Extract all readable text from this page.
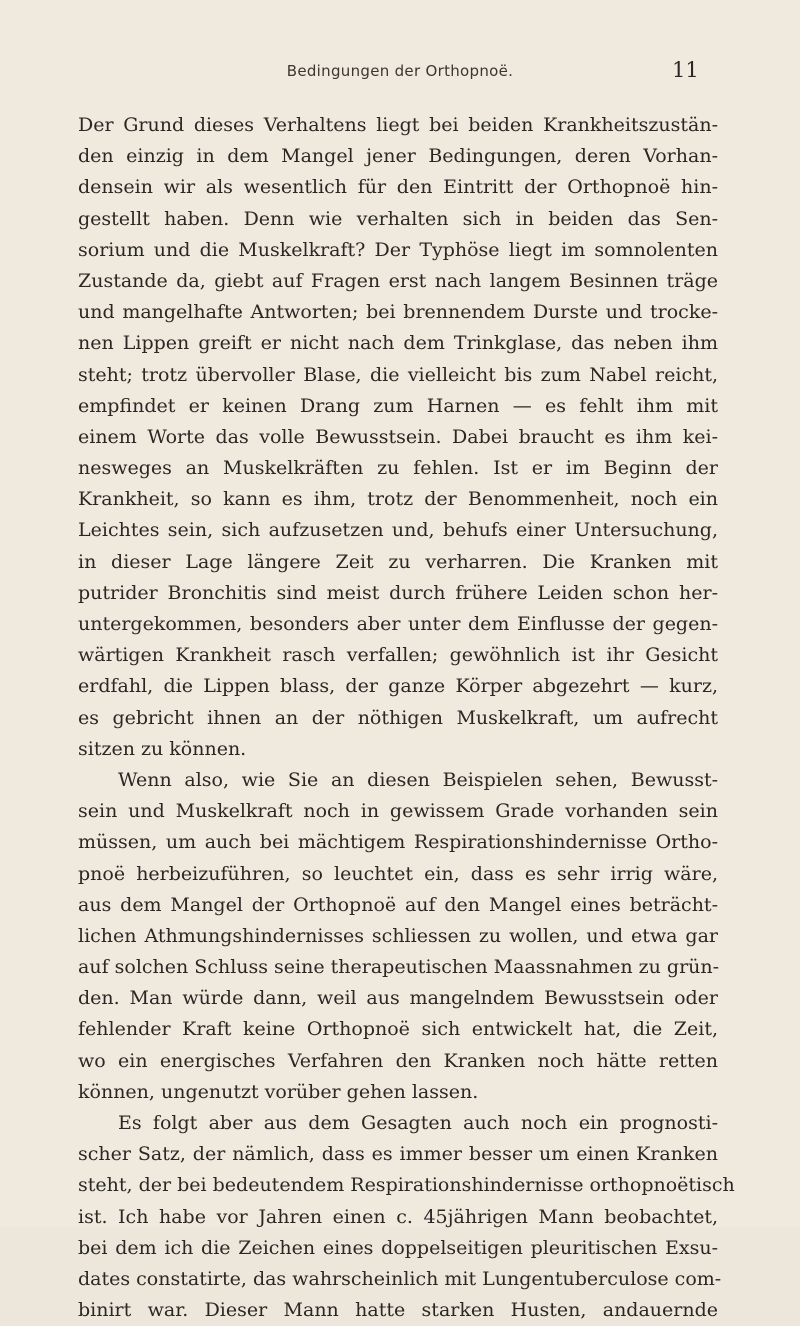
Bedingungen der Orthopnoë.	11
Der Grund dieses Verhaltens liegt bei beiden Krankheitszustän-
den einzig in dem Mangel jener Bedingungen, deren Vorhan-
densein wir als wesentlich für den Eintritt der Orthopnoë hin-
gestellt haben. Denn wie verhalten sich in beiden das Sen-
sorium und die Muskelkraft? Der Typhöse liegt im somnolenten
Zustande da, giebt auf Fragen erst nach langem Besinnen träge
und mangelhafte Antworten; bei brennendem Durste und trocke-
nen Lippen greift er nicht nach dem Trinkglase, das neben ihm
steht; trotz übervoller Blase, die vielleicht bis zum Nabel reicht,
empfindet er keinen Drang zum Harnen — es fehlt ihm mit
einem Worte das volle Bewusstsein. Dabei braucht es ihm kei-
nesweges an Muskelkräften zu fehlen. Ist er im Beginn der
Krankheit, so kann es ihm, trotz der Benommenheit, noch ein
Leichtes sein, sich aufzusetzen und, behufs einer Untersuchung,
in dieser Lage längere Zeit zu verharren. Die Kranken mit
putrider Bronchitis sind meist durch frühere Leiden schon her-
untergekommen, besonders aber unter dem Einflusse der gegen-
wärtigen Krankheit rasch verfallen; gewöhnlich ist ihr Gesicht
erdfahl, die Lippen blass, der ganze Körper abgezehrt — kurz,
es gebricht ihnen an der nöthigen Muskelkraft, um aufrecht
sitzen zu können.
Wenn also, wie Sie an diesen Beispielen sehen, Bewusst-
sein und Muskelkraft noch in gewissem Grade vorhanden sein
müssen, um auch bei mächtigem Respirationshindernisse Ortho-
pnoë herbeizuführen, so leuchtet ein, dass es sehr irrig wäre,
aus dem Mangel der Orthopnoë auf den Mangel eines beträcht-
lichen Athmungshindernisses schliessen zu wollen, und etwa gar
auf solchen Schluss seine therapeutischen Maassnahmen zu grün-
den. Man würde dann, weil aus mangelndem Bewusstsein oder
fehlender Kraft keine Orthopnoë sich entwickelt hat, die Zeit,
wo ein energisches Verfahren den Kranken noch hätte retten
können, ungenutzt vorüber gehen lassen.
Es folgt aber aus dem Gesagten auch noch ein prognosti-
scher Satz, der nämlich, dass es immer besser um einen Kranken
steht, der bei bedeutendem Respirationshindernisse orthopnoëtisch
ist. Ich habe vor Jahren einen c. 45jährigen Mann beobachtet,
bei dem ich die Zeichen eines doppelseitigen pleuritischen Exsu-
dates constatirte, das wahrscheinlich mit Lungentuberculose com-
binirt war. Dieser Mann hatte starken Husten, andauernde
